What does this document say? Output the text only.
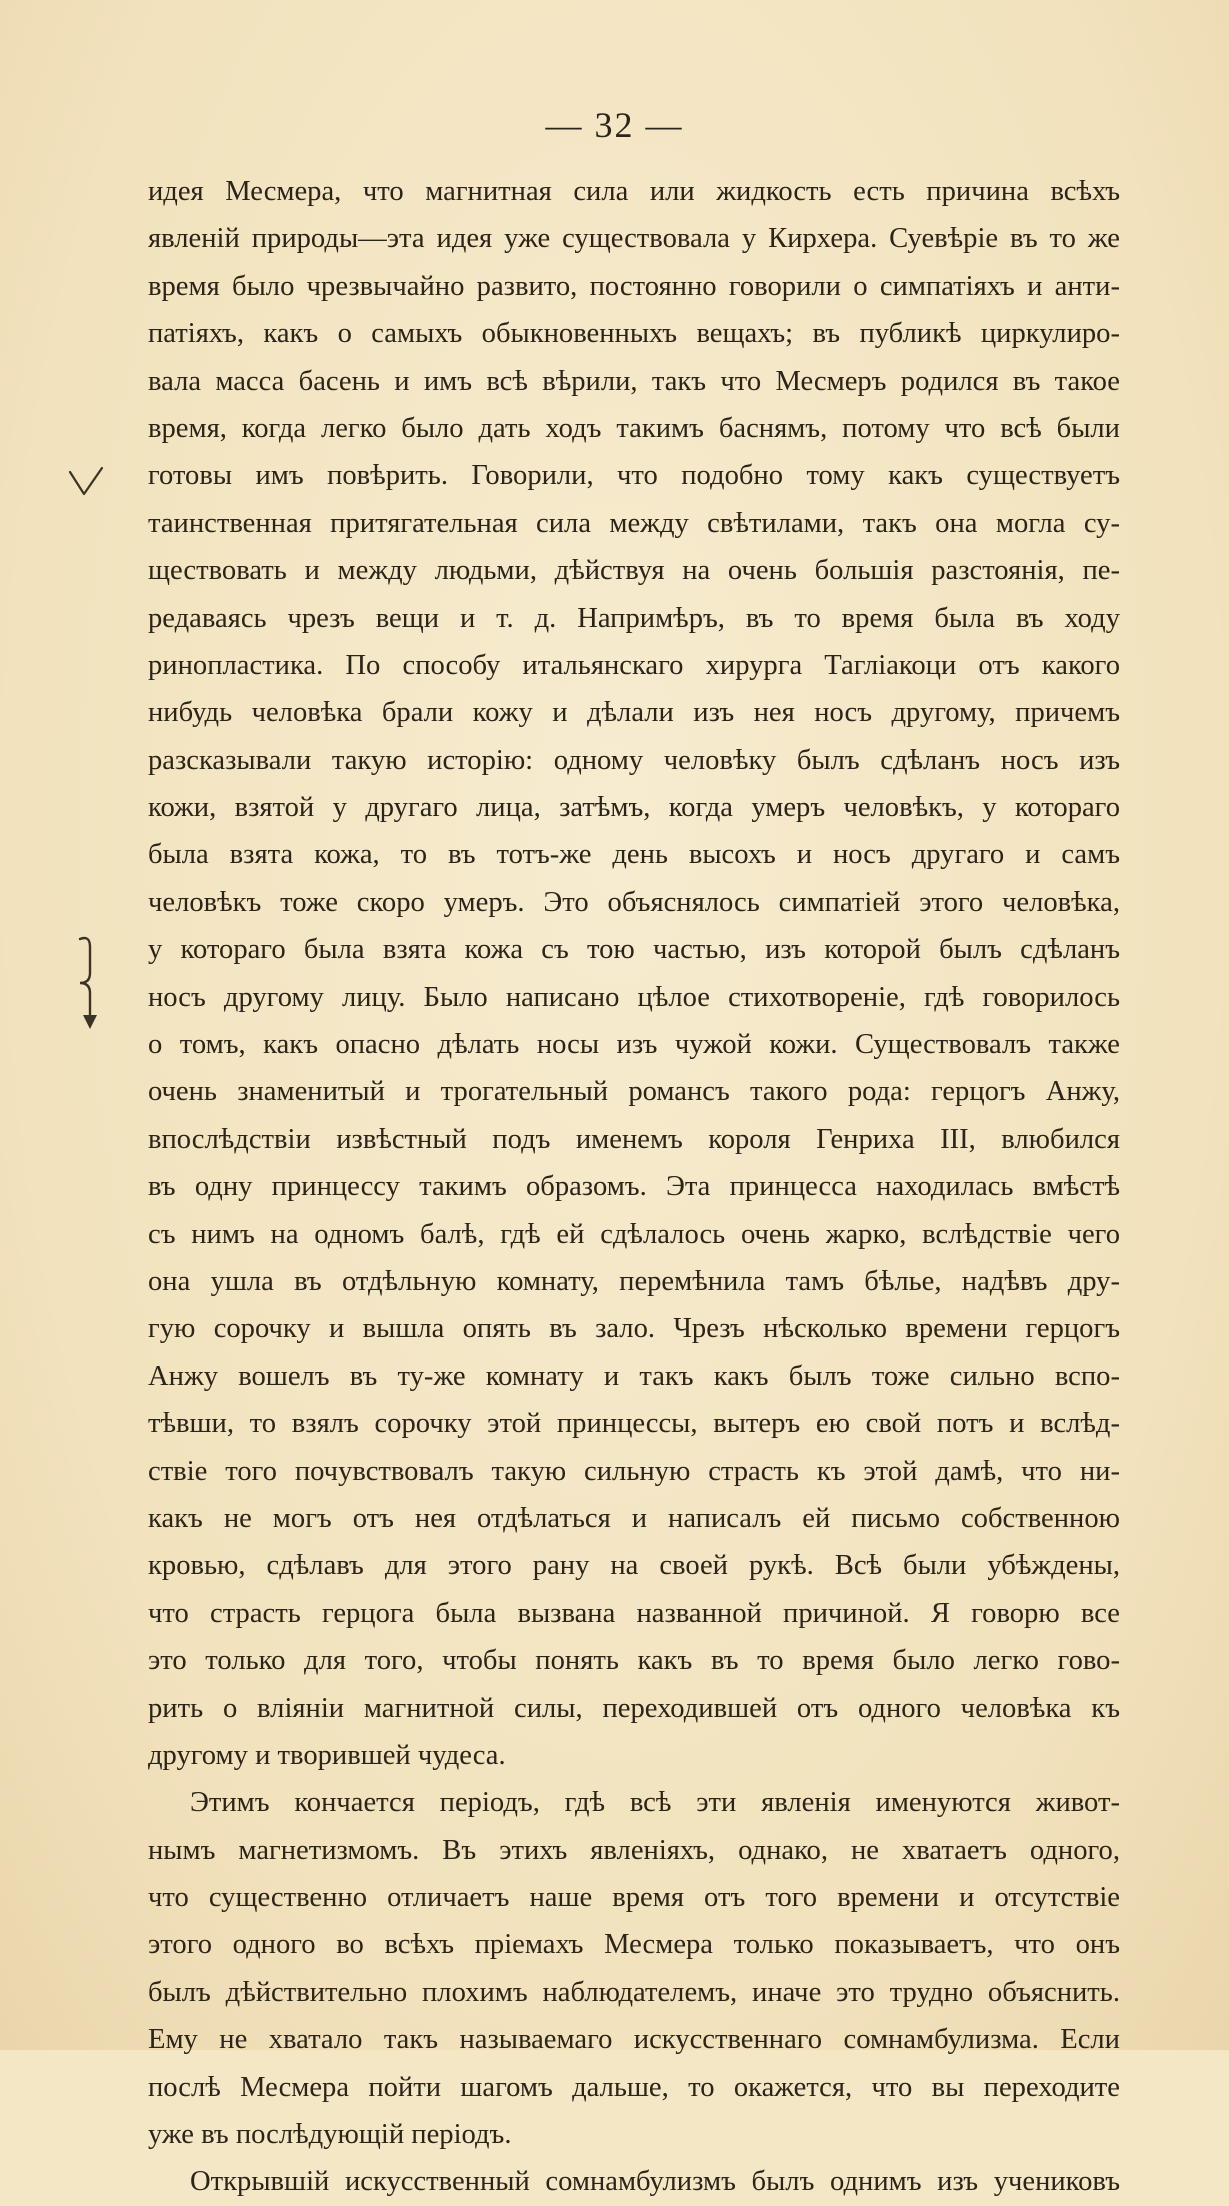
— 32 —
идея Месмера, что магнитная сила или жидкость есть причина всѣхъ
явленій природы—эта идея уже существовала у Кирхера. Суевѣріе въ то же
время было чрезвычайно развито, постоянно говорили о симпатіяхъ и анти-
патіяхъ, какъ о самыхъ обыкновенныхъ вещахъ; въ публикѣ циркулиро-
вала масса басень и имъ всѣ вѣрили, такъ что Месмеръ родился въ такое
время, когда легко было дать ходъ такимъ баснямъ, потому что всѣ были
готовы имъ повѣрить. Говорили, что подобно тому какъ существуетъ
таинственная притягательная сила между свѣтилами, такъ она могла су-
ществовать и между людьми, дѣйствуя на очень большія разстоянія, пе-
редаваясь чрезъ вещи и т. д. Напримѣръ, въ то время была въ ходу
ринопластика. По способу итальянскаго хирурга Тагліакоци отъ какого
нибудь человѣка брали кожу и дѣлали изъ нея носъ другому, причемъ
разсказывали такую исторію: одному человѣку былъ сдѣланъ носъ изъ
кожи, взятой у другаго лица, затѣмъ, когда умеръ человѣкъ, у котораго
была взята кожа, то въ тотъ-же день высохъ и носъ другаго и самъ
человѣкъ тоже скоро умеръ. Это объяснялось симпатіей этого человѣка,
у котораго была взята кожа съ тою частью, изъ которой былъ сдѣланъ
носъ другому лицу. Было написано цѣлое стихотвореніе, гдѣ говорилось
о томъ, какъ опасно дѣлать носы изъ чужой кожи. Существовалъ также
очень знаменитый и трогательный романсъ такого рода: герцогъ Анжу,
впослѣдствіи извѣстный подъ именемъ короля Генриха III, влюбился
въ одну принцессу такимъ образомъ. Эта принцесса находилась вмѣстѣ
съ нимъ на одномъ балѣ, гдѣ ей сдѣлалось очень жарко, вслѣдствіе чего
она ушла въ отдѣльную комнату, перемѣнила тамъ бѣлье, надѣвъ дру-
гую сорочку и вышла опять въ зало. Чрезъ нѣсколько времени герцогъ
Анжу вошелъ въ ту-же комнату и такъ какъ былъ тоже сильно вспо-
тѣвши, то взялъ сорочку этой принцессы, вытеръ ею свой потъ и вслѣд-
ствіе того почувствовалъ такую сильную страсть къ этой дамѣ, что ни-
какъ не могъ отъ нея отдѣлаться и написалъ ей письмо собственною
кровью, сдѣлавъ для этого рану на своей рукѣ. Всѣ были убѣждены,
что страсть герцога была вызвана названной причиной. Я говорю все
это только для того, чтобы понять какъ въ то время было легко гово-
рить о вліяніи магнитной силы, переходившей отъ одного человѣка къ
другому и творившей чудеса.
Этимъ кончается періодъ, гдѣ всѣ эти явленія именуются живот-
нымъ магнетизмомъ. Въ этихъ явленіяхъ, однако, не хватаетъ одного,
что существенно отличаетъ наше время отъ того времени и отсутствіе
этого одного во всѣхъ пріемахъ Месмера только показываетъ, что онъ
былъ дѣйствительно плохимъ наблюдателемъ, иначе это трудно объяснить.
Ему не хватало такъ называемаго искусственнаго сомнамбулизма. Если
послѣ Месмера пойти шагомъ дальше, то окажется, что вы переходите
уже въ послѣдующій періодъ.
Открывшій искусственный сомнамбулизмъ былъ однимъ изъ учениковъ
